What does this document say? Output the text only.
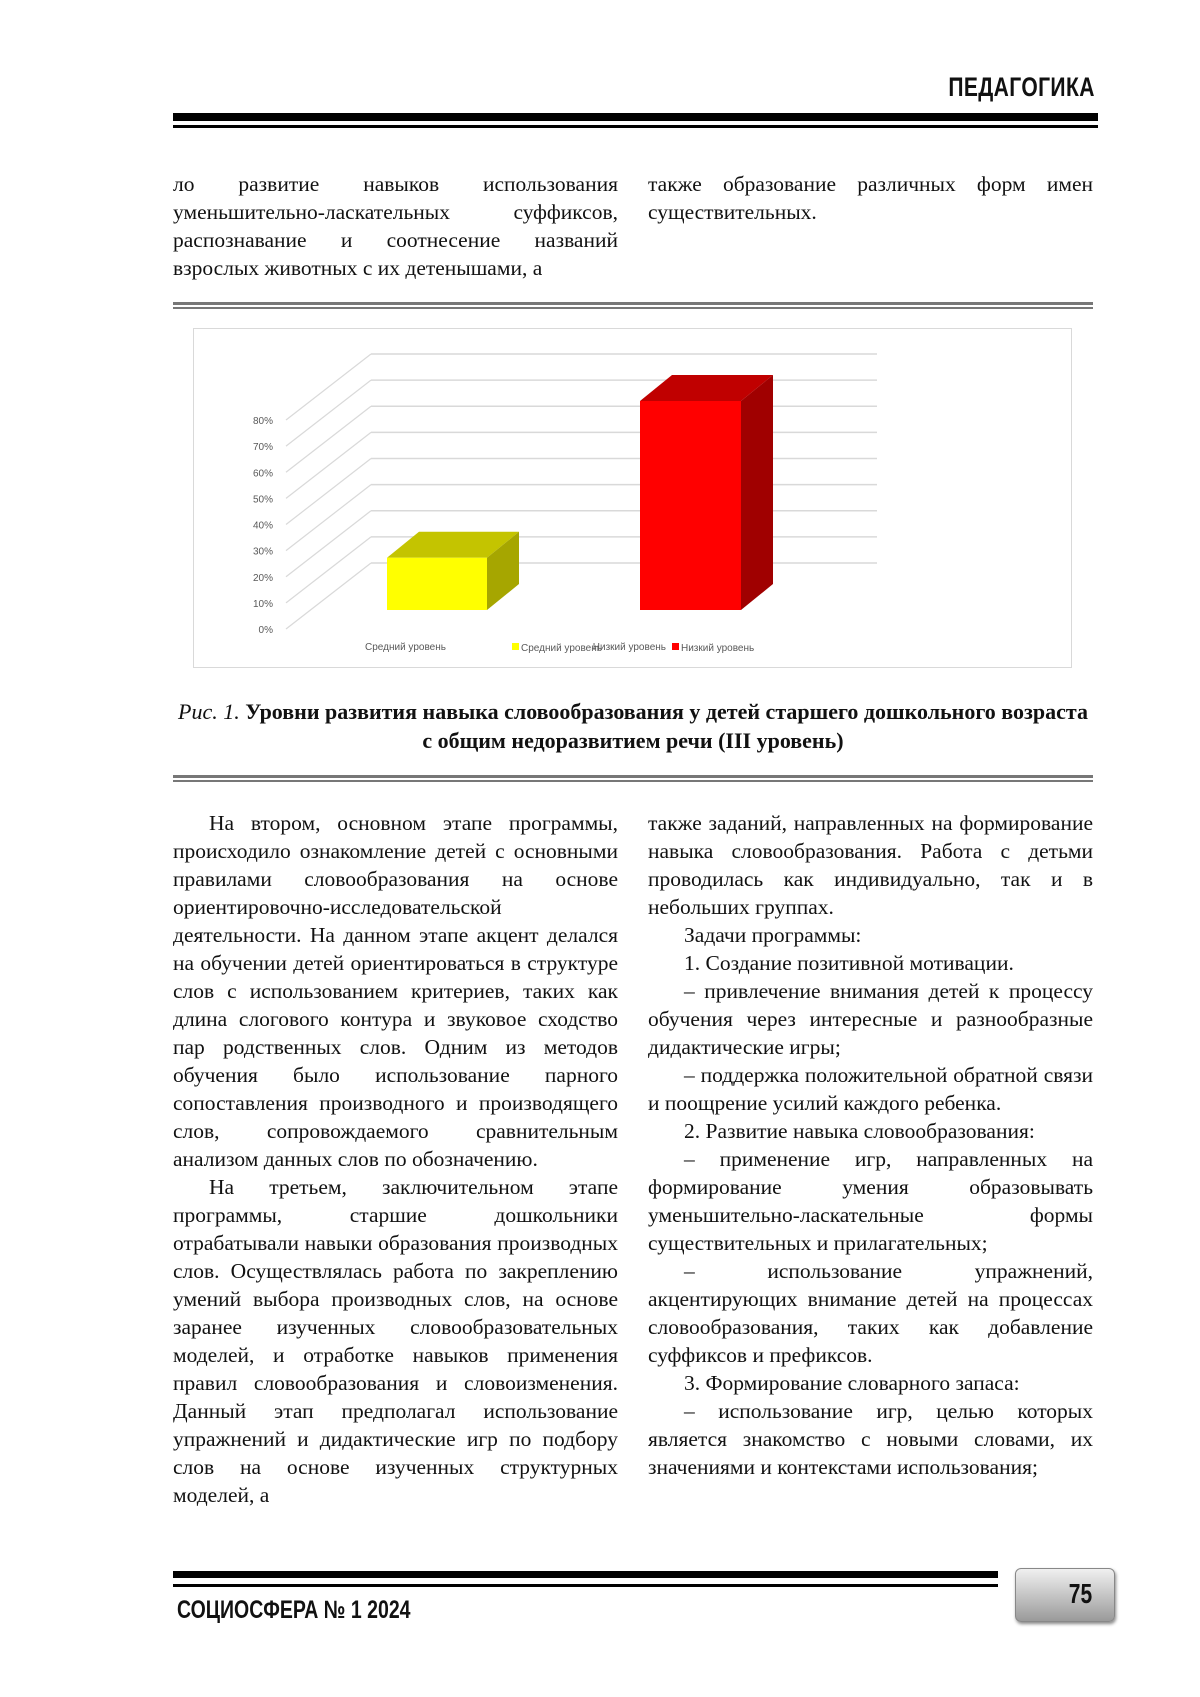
ПЕДАГОГИКА

ло развитие навыков использования уменьшительно-ласкательных суффиксов, распознавание и соотнесение названий взрослых животных с их детенышами, а

также образование различных форм имен существительных.

0%
10%
20%
30%
40%
50%
60%
70%
80%
Средний уровень	Низкий уровень
Средний уровень	Низкий уровень
Рис. 1. Уровни развития навыка словообразования у детей старшего дошкольного возраста с общим недоразвитием речи (III уровень)

На втором, основном этапе программы, происходило ознакомление детей с основными правилами словообразования на основе ориентировочно-исследовательской деятельности. На данном этапе акцент делался на обучении детей ориентироваться в структуре слов с использованием критериев, таких как длина слогового контура и звуковое сходство пар родственных слов. Одним из методов обучения было использование парного сопоставления производного и производящего слов, сопровождаемого сравнительным анализом данных слов по обозначению.

На третьем, заключительном этапе программы, старшие дошкольники отрабатывали навыки образования производных слов. Осуществлялась работа по закреплению умений выбора производных слов, на основе заранее изученных словообразовательных моделей, и отработке навыков применения правил словообразования и словоизменения. Данный этап предполагал использование упражнений и дидактические игр по подбору слов на основе изученных структурных моделей, а

также заданий, направленных на формирование навыка словообразования. Работа с детьми проводилась как индивидуально, так и в небольших группах.

Задачи программы:

1. Создание позитивной мотивации.

– привлечение внимания детей к процессу обучения через интересные и разнообразные дидактические игры;

– поддержка положительной обратной связи и поощрение усилий каждого ребенка.

2. Развитие навыка словообразования:

– применение игр, направленных на формирование умения образовывать уменьшительно-ласкательные формы существительных и прилагательных;

– использование упражнений, акцентирующих внимание детей на процессах словообразования, таких как добавление суффиксов и префиксов.

3. Формирование словарного запаса:

– использование игр, целью которых является знакомство с новыми словами, их значениями и контекстами использования;

СОЦИОСФЕРА № 1 2024
75
